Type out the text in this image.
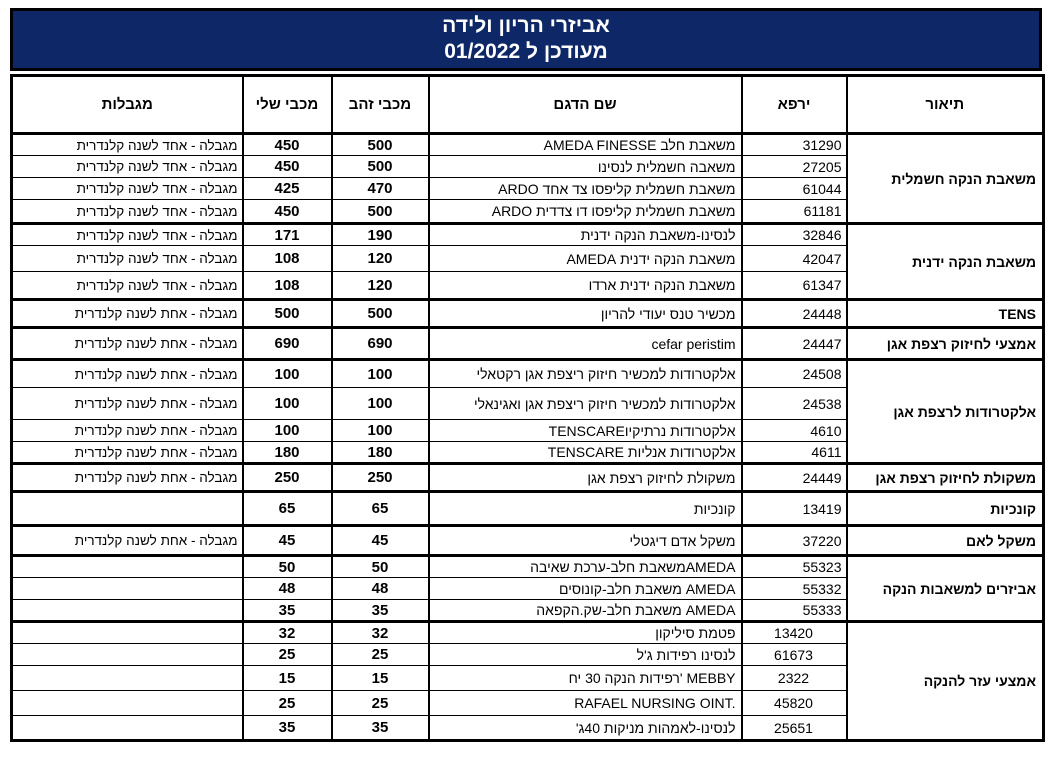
אביזרי הריון ולידה
מעודכן ל 01/2022
תיאור	ירפא	שם הדגם	מכבי זהב	מכבי שלי	מגבלות
משאבת הנקה חשמלית	31290	משאבת חלב AMEDA FINESSE	500	450	מגבלה - אחד לשנה קלנדרית
	27205	משאבה חשמלית לנסינו	500	450	מגבלה - אחד לשנה קלנדרית
	61044	משאבת חשמלית קליפסו צד אחד ARDO	470	425	מגבלה - אחד לשנה קלנדרית
	61181	משאבת חשמלית קליפסו דו צדדית ARDO	500	450	מגבלה - אחד לשנה קלנדרית
משאבת הנקה ידנית	32846	לנסינו-משאבת הנקה ידנית	190	171	מגבלה - אחד לשנה קלנדרית
	42047	משאבת הנקה ידנית AMEDA	120	108	מגבלה - אחד לשנה קלנדרית
	61347	משאבת הנקה ידנית ארדו	120	108	מגבלה - אחד לשנה קלנדרית
TENS	24448	מכשיר טנס יעודי להריון	500	500	מגבלה - אחת לשנה קלנדרית
אמצעי לחיזוק רצפת אגן	24447	cefar peristim	690	690	מגבלה - אחת לשנה קלנדרית
אלקטרודות לרצפת אגן	24508	אלקטרודות למכשיר חיזוק ריצפת אגן רקטאלי	100	100	מגבלה - אחת לשנה קלנדרית
	24538	אלקטרודות למכשיר חיזוק ריצפת אגן ואגינאלי	100	100	מגבלה - אחת לשנה קלנדרית
	4610	אלקטרודות נרתיקיוTENSCARE	100	100	מגבלה - אחת לשנה קלנדרית
	4611	אלקטרודות אנליות TENSCARE	180	180	מגבלה - אחת לשנה קלנדרית
משקולת לחיזוק רצפת אגן	24449	משקולת לחיזוק רצפת אגן	250	250	מגבלה - אחת לשנה קלנדרית
קונכיות	13419	קונכיות	65	65	
משקל לאם	37220	משקל אדם דיגטלי	45	45	מגבלה - אחת לשנה קלנדרית
אביזרים למשאבות הנקה	55323	משאבת חלב-ערכת שאיבהAMEDA	50	50	
	55332	משאבת חלב-קונוסים AMEDA	48	48	
	55333	משאבת חלב-שק.הקפאה AMEDA	35	35	
אמצעי עזר להנקה	13420	פטמת סיליקון	32	32	
	61673	לנסינו רפידות ג'ל	25	25	
	2322	רפידות הנקה 30 יח' MEBBY	15	15	
	45820	RAFAEL NURSING OINT.	25	25	
	25651	לנסינו-לאמהות מניקות 40ג'	35	35	
